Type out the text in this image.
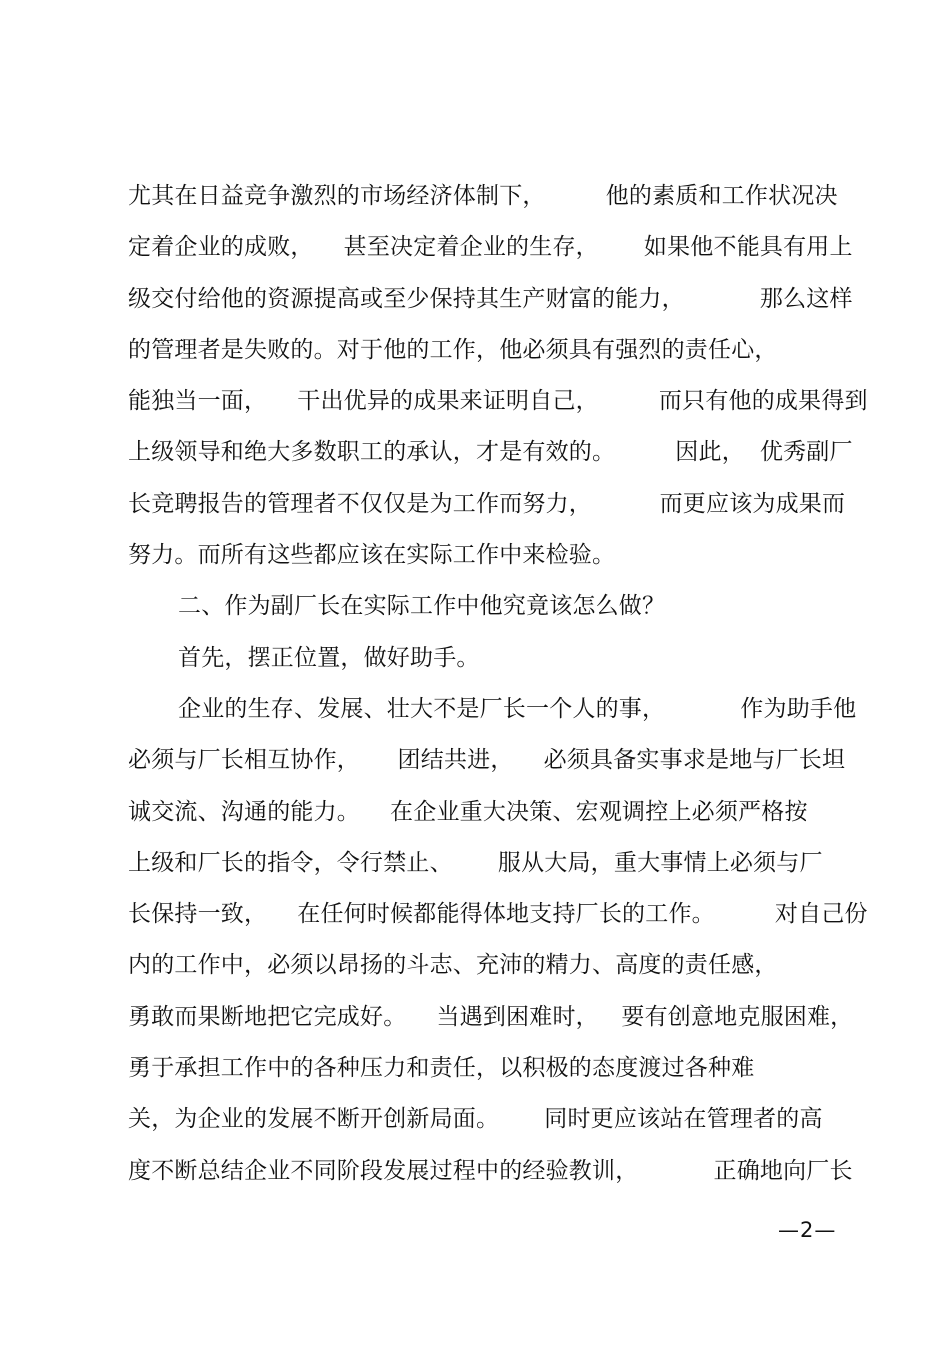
尤其在日益竞争激烈的市场经济体制下，        他的素质和工作状况决
定着企业的成败，    甚至决定着企业的生存，      如果他不能具有用上
级交付给他的资源提高或至少保持其生产财富的能力，          那么这样
的管理者是失败的。对于他的工作，他必须具有强烈的责任心，
能独当一面，    干出优异的成果来证明自己，        而只有他的成果得到
上级领导和绝大多数职工的承认，才是有效的。        因此，  优秀副厂
长竞聘报告的管理者不仅仅是为工作而努力，         而更应该为成果而
努力。而所有这些都应该在实际工作中来检验。
二、作为副厂长在实际工作中他究竟该怎么做？
首先，摆正位置，做好助手。
企业的生存、发展、壮大不是厂长一个人的事，          作为助手他
必须与厂长相互协作，     团结共进，    必须具备实事求是地与厂长坦
诚交流、沟通的能力。    在企业重大决策、宏观调控上必须严格按
上级和厂长的指令，令行禁止、      服从大局，重大事情上必须与厂
长保持一致，    在任何时候都能得体地支持厂长的工作。        对自己份
内的工作中，必须以昂扬的斗志、充沛的精力、高度的责任感，
勇敢而果断地把它完成好。    当遇到困难时，   要有创意地克服困难，
勇于承担工作中的各种压力和责任，以积极的态度渡过各种难
关，为企业的发展不断开创新局面。      同时更应该站在管理者的高
度不断总结企业不同阶段发展过程中的经验教训，          正确地向厂长
—2—
